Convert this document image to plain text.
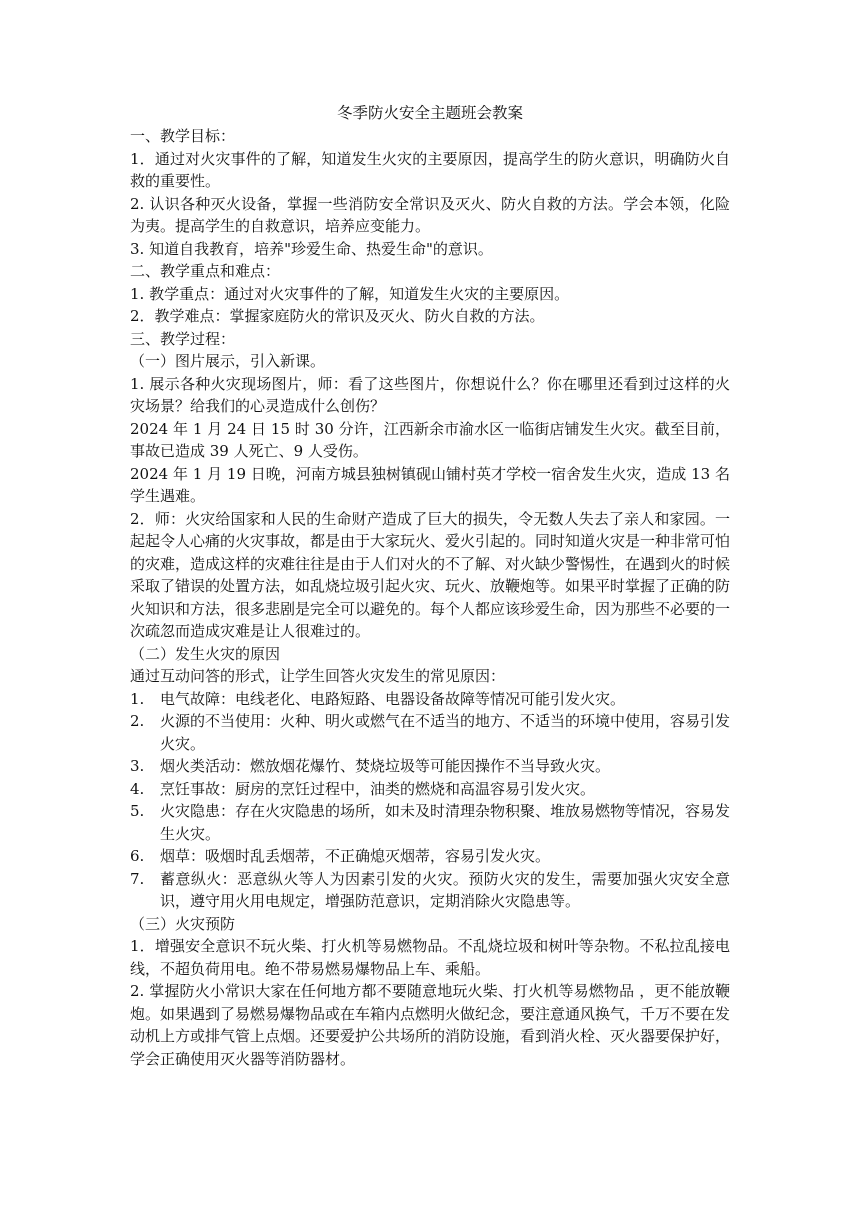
冬季防火安全主题班会教案

一、教学目标：

1．通过对火灾事件的了解，知道发生火灾的主要原因，提高学生的防火意识，明确防火自救的重要性。

2. 认识各种灭火设备，掌握一些消防安全常识及灭火、防火自救的方法。学会本领，化险为夷。提高学生的自救意识，培养应变能力。

3. 知道自我教育，培养"珍爱生命、热爱生命"的意识。

二、教学重点和难点：

1. 教学重点：通过对火灾事件的了解，知道发生火灾的主要原因。

2．教学难点：掌握家庭防火的常识及灭火、防火自救的方法。

三、教学过程：

（一）图片展示，引入新课。

1. 展示各种火灾现场图片，师：看了这些图片，你想说什么？你在哪里还看到过这样的火灾场景？给我们的心灵造成什么创伤？

2024 年 1 月 24 日 15 时 30 分许，江西新余市渝水区一临街店铺发生火灾。截至目前，事故已造成 39 人死亡、9 人受伤。

2024 年 1 月 19 日晚，河南方城县独树镇砚山铺村英才学校一宿舍发生火灾，造成 13 名学生遇难。

2．师：火灾给国家和人民的生命财产造成了巨大的损失，令无数人失去了亲人和家园。一起起令人心痛的火灾事故，都是由于大家玩火、爱火引起的。同时知道火灾是一种非常可怕的灾难，造成这样的灾难往往是由于人们对火的不了解、对火缺少警惕性，在遇到火的时候采取了错误的处置方法，如乱烧垃圾引起火灾、玩火、放鞭炮等。如果平时掌握了正确的防火知识和方法，很多悲剧是完全可以避免的。每个人都应该珍爱生命，因为那些不必要的一次疏忽而造成灾难是让人很难过的。

（二）发生火灾的原因

通过互动问答的形式，让学生回答火灾发生的常见原因：

1. 电气故障：电线老化、电路短路、电器设备故障等情况可能引发火灾。
2. 火源的不当使用：火种、明火或燃气在不适当的地方、不适当的环境中使用，容易引发火灾。
3. 烟火类活动：燃放烟花爆竹、焚烧垃圾等可能因操作不当导致火灾。
4. 烹饪事故：厨房的烹饪过程中，油类的燃烧和高温容易引发火灾。
5. 火灾隐患：存在火灾隐患的场所，如未及时清理杂物积聚、堆放易燃物等情况，容易发生火灾。
6. 烟草：吸烟时乱丢烟蒂，不正确熄灭烟蒂，容易引发火灾。
7. 蓄意纵火：恶意纵火等人为因素引发的火灾。预防火灾的发生，需要加强火灾安全意识，遵守用火用电规定，增强防范意识，定期消除火灾隐患等。

（三）火灾预防

1．增强安全意识不玩火柴、打火机等易燃物品。不乱烧垃圾和树叶等杂物。不私拉乱接电线，不超负荷用电。绝不带易燃易爆物品上车、乘船。

2. 掌握防火小常识大家在任何地方都不要随意地玩火柴、打火机等易燃物品 ，更不能放鞭炮。如果遇到了易燃易爆物品或在车箱内点燃明火做纪念，要注意通风换气，千万不要在发动机上方或排气管上点烟。还要爱护公共场所的消防设施，看到消火栓、灭火器要保护好，学会正确使用灭火器等消防器材。
